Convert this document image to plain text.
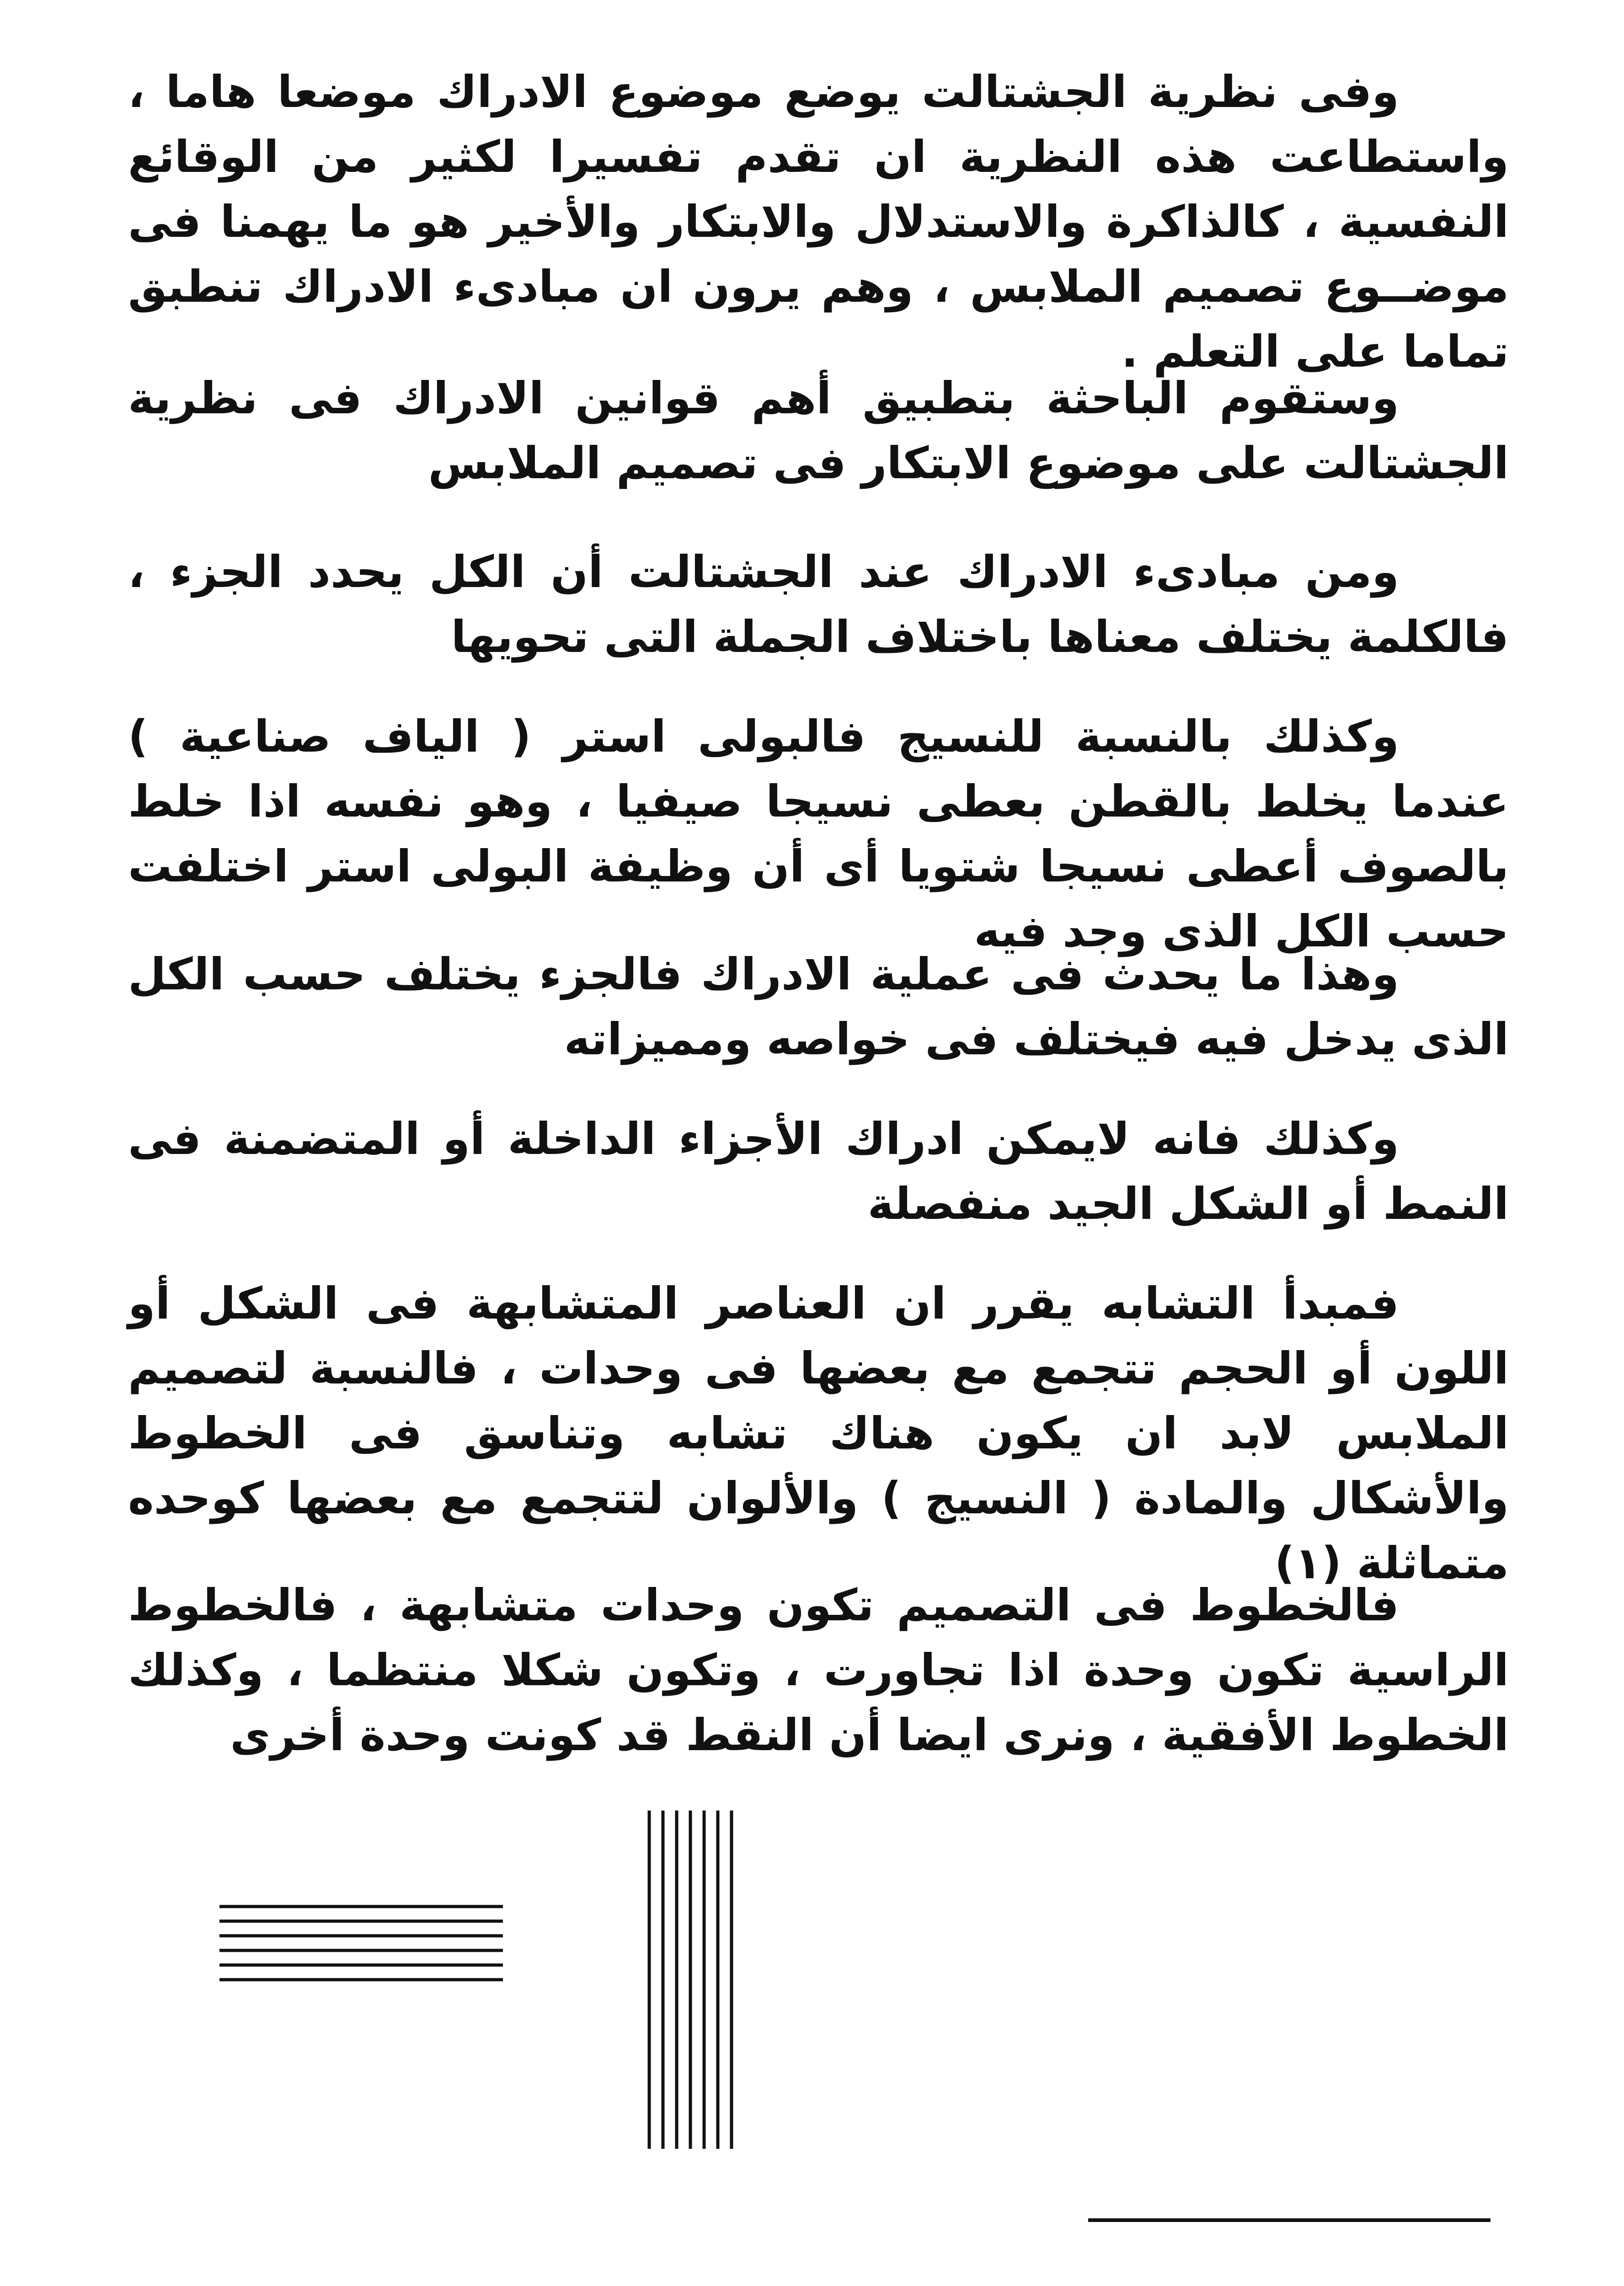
وفى نظرية الجشتالت يوضع موضوع الادراك موضعا هاما ، واستطاعت هذه النظرية ان تقدم تفسيرا لكثير من الوقائع النفسية ، كالذاكرة والاستدلال والابتكار والأخير هو ما يهمنا فى موضــوع تصميم الملابس ، وهم يرون ان مبادىء الادراك تنطبق تماما على التعلم .

وستقوم الباحثة بتطبيق أهم قوانين الادراك فى نظرية الجشتالت على موضوع الابتكار فى تصميم الملابس

ومن مبادىء الادراك عند الجشتالت أن الكل يحدد الجزء ، فالكلمة يختلف معناها باختلاف الجملة التى تحويها

وكذلك بالنسبة للنسيج فالبولى استر ( الياف صناعية ) عندما يخلط بالقطن بعطى نسيجا صيفيا ، وهو نفسه اذا خلط بالصوف أعطى نسيجا شتويا أى أن وظيفة البولى استر اختلفت حسب الكل الذى وجد فيه

وهذا ما يحدث فى عملية الادراك فالجزء يختلف حسب الكل الذى يدخل فيه فيختلف فى خواصه ومميزاته

وكذلك فانه لايمكن ادراك الأجزاء الداخلة أو المتضمنة فى النمط أو الشكل الجيد منفصلة

فمبدأ التشابه يقرر ان العناصر المتشابهة فى الشكل أو اللون أو الحجم تتجمع مع بعضها فى وحدات ، فالنسبة لتصميم الملابس لابد ان يكون هناك تشابه وتناسق فى الخطوط والأشكال والمادة ( النسيج ) والألوان لتتجمع مع بعضها كوحده متماثلة (١)

فالخطوط فى التصميم تكون وحدات متشابهة ، فالخطوط الراسية تكون وحدة اذا تجاورت ، وتكون شكلا منتظما ، وكذلك الخطوط الأفقية ، ونرى ايضا أن النقط قد كونت وحدة أخرى
